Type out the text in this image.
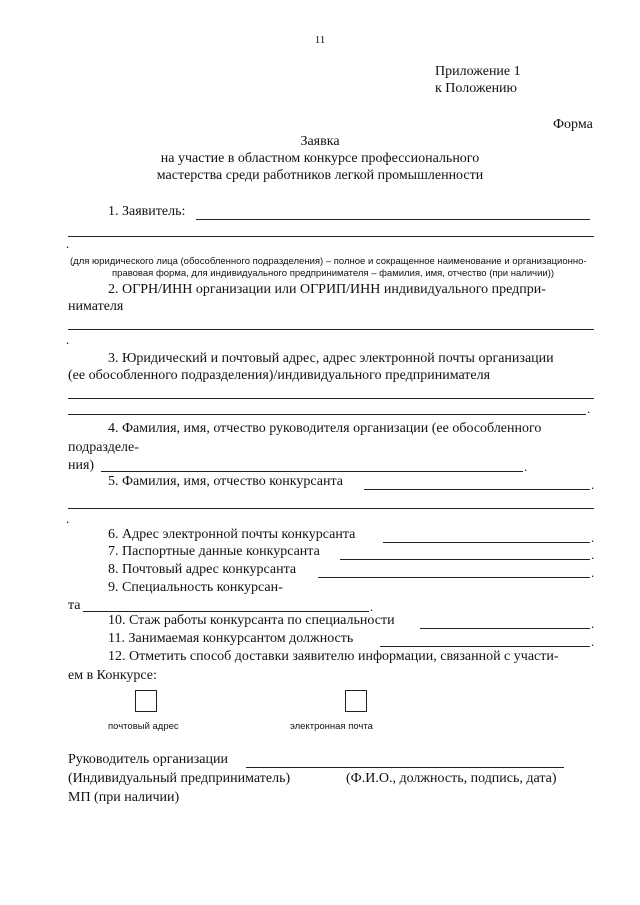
11
Приложение 1
к Положению
Форма
Заявка
на участие в областном конкурсе профессионального
мастерства среди работников легкой промышленности
1. Заявитель:
.
(для юридического лица (обособленного подразделения) – полное и сокращенное наименование и организационно-
правовая форма, для индивидуального предпринимателя – фамилия, имя, отчество (при наличии))
2. ОГРН/ИНН организации или ОГРИП/ИНН индивидуального предпри-
нимателя
.
3. Юридический и почтовый адрес, адрес электронной почты организации
(ее обособленного подразделения)/индивидуального предпринимателя
.
4. Фамилия, имя, отчество руководителя организации (ее обособленного
подразделе-
ния)	.
5. Фамилия, имя, отчество конкурсанта	.
.
6. Адрес электронной почты конкурсанта	.
7. Паспортные данные конкурсанта	.
8. Почтовый адрес конкурсанта	.
9. Специальность конкурсан-
та	.
10. Стаж работы конкурсанта по специальности	.
11. Занимаемая конкурсантом должность	.
12. Отметить способ доставки заявителю информации, связанной с участи-
ем в Конкурсе:
почтовый адрес	электронная почта
Руководитель организации
(Индивидуальный предприниматель)	(Ф.И.О., должность, подпись, дата)
МП (при наличии)
